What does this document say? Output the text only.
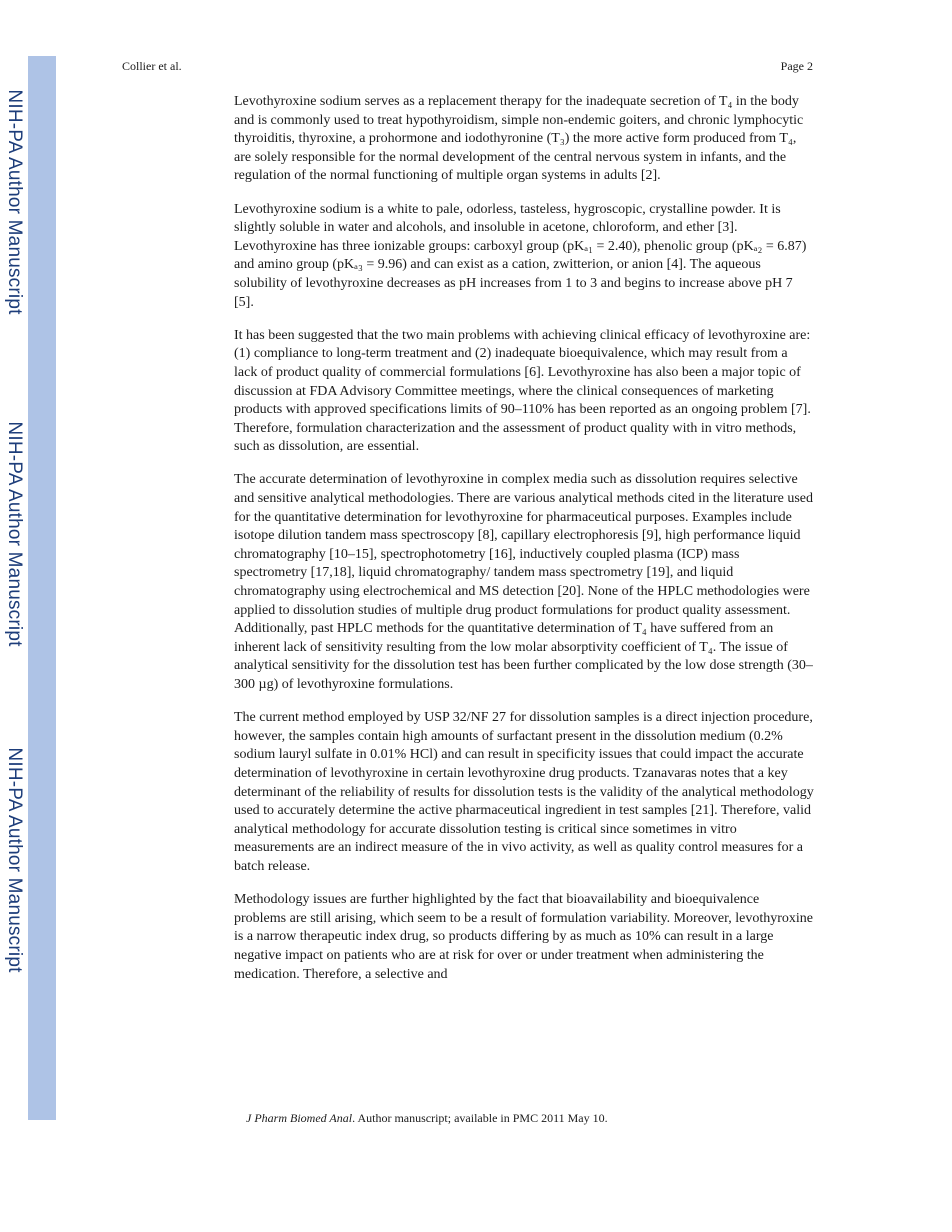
NIH-PA Author Manuscript
NIH-PA Author Manuscript
NIH-PA Author Manuscript
Collier et al.	Page 2

Levothyroxine sodium serves as a replacement therapy for the inadequate secretion of T₄ in the body and is commonly used to treat hypothyroidism, simple non-endemic goiters, and chronic lymphocytic thyroiditis, thyroxine, a prohormone and iodothyronine (T₃) the more active form produced from T₄, are solely responsible for the normal development of the central nervous system in infants, and the regulation of the normal functioning of multiple organ systems in adults [2].

Levothyroxine sodium is a white to pale, odorless, tasteless, hygroscopic, crystalline powder. It is slightly soluble in water and alcohols, and insoluble in acetone, chloroform, and ether [3]. Levothyroxine has three ionizable groups: carboxyl group (pKₐ₁ = 2.40), phenolic group (pKₐ₂ = 6.87) and amino group (pKₐ₃ = 9.96) and can exist as a cation, zwitterion, or anion [4]. The aqueous solubility of levothyroxine decreases as pH increases from 1 to 3 and begins to increase above pH 7 [5].

It has been suggested that the two main problems with achieving clinical efficacy of levothyroxine are: (1) compliance to long-term treatment and (2) inadequate bioequivalence, which may result from a lack of product quality of commercial formulations [6]. Levothyroxine has also been a major topic of discussion at FDA Advisory Committee meetings, where the clinical consequences of marketing products with approved specifications limits of 90–110% has been reported as an ongoing problem [7]. Therefore, formulation characterization and the assessment of product quality with in vitro methods, such as dissolution, are essential.

The accurate determination of levothyroxine in complex media such as dissolution requires selective and sensitive analytical methodologies. There are various analytical methods cited in the literature used for the quantitative determination for levothyroxine for pharmaceutical purposes. Examples include isotope dilution tandem mass spectroscopy [8], capillary electrophoresis [9], high performance liquid chromatography [10–15], spectrophotometry [16], inductively coupled plasma (ICP) mass spectrometry [17,18], liquid chromatography/ tandem mass spectrometry [19], and liquid chromatography using electrochemical and MS detection [20]. None of the HPLC methodologies were applied to dissolution studies of multiple drug product formulations for product quality assessment. Additionally, past HPLC methods for the quantitative determination of T₄ have suffered from an inherent lack of sensitivity resulting from the low molar absorptivity coefficient of T₄. The issue of analytical sensitivity for the dissolution test has been further complicated by the low dose strength (30–300 µg) of levothyroxine formulations.

The current method employed by USP 32/NF 27 for dissolution samples is a direct injection procedure, however, the samples contain high amounts of surfactant present in the dissolution medium (0.2% sodium lauryl sulfate in 0.01% HCl) and can result in specificity issues that could impact the accurate determination of levothyroxine in certain levothyroxine drug products. Tzanavaras notes that a key determinant of the reliability of results for dissolution tests is the validity of the analytical methodology used to accurately determine the active pharmaceutical ingredient in test samples [21]. Therefore, valid analytical methodology for accurate dissolution testing is critical since sometimes in vitro measurements are an indirect measure of the in vivo activity, as well as quality control measures for a batch release.

Methodology issues are further highlighted by the fact that bioavailability and bioequivalence problems are still arising, which seem to be a result of formulation variability. Moreover, levothyroxine is a narrow therapeutic index drug, so products differing by as much as 10% can result in a large negative impact on patients who are at risk for over or under treatment when administering the medication. Therefore, a selective and

J Pharm Biomed Anal. Author manuscript; available in PMC 2011 May 10.
